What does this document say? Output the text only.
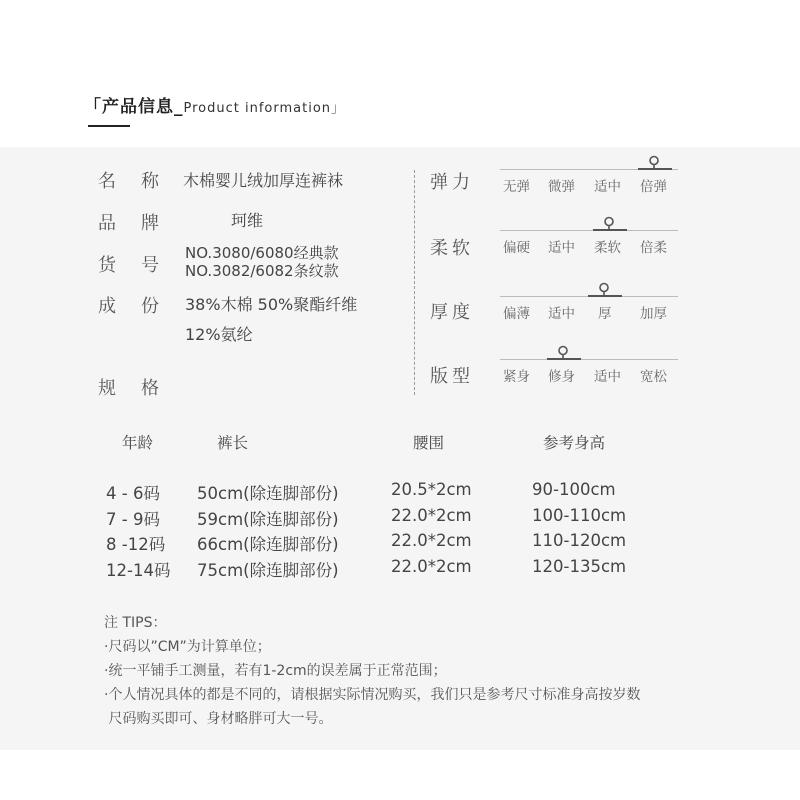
「产品信息_Product information」
名 称 木棉婴儿绒加厚连裤袜
品 牌	珂维
货 号
NO.3080/6080经典款
NO.3082/6082条纹款
成 份 38%木棉 50%聚酯纤维
12%氨纶
规 格
弹力 无弹 微弹 适中 倍弹
柔软 偏硬 适中 柔软 倍柔
厚度 偏薄 适中 厚 加厚
版型 紧身 修身 适中 宽松
年龄	裤长	腰围	参考身高
4 - 6码 50cm(除连脚部份)	20.5*2cm	90-100cm
7 - 9码 59cm(除连脚部份)	22.0*2cm	100-110cm
8 -12码 66cm(除连脚部份)	22.0*2cm	110-120cm
12-14码 75cm(除连脚部份)	22.0*2cm	120-135cm
注 TIPS：
·尺码以”CM”为计算单位；
·统一平铺手工测量，若有1-2cm的误差属于正常范围；
·个人情况具体的都是不同的，请根据实际情况购买，我们只是参考尺寸标准身高按岁数
尺码购买即可、身材略胖可大一号。
